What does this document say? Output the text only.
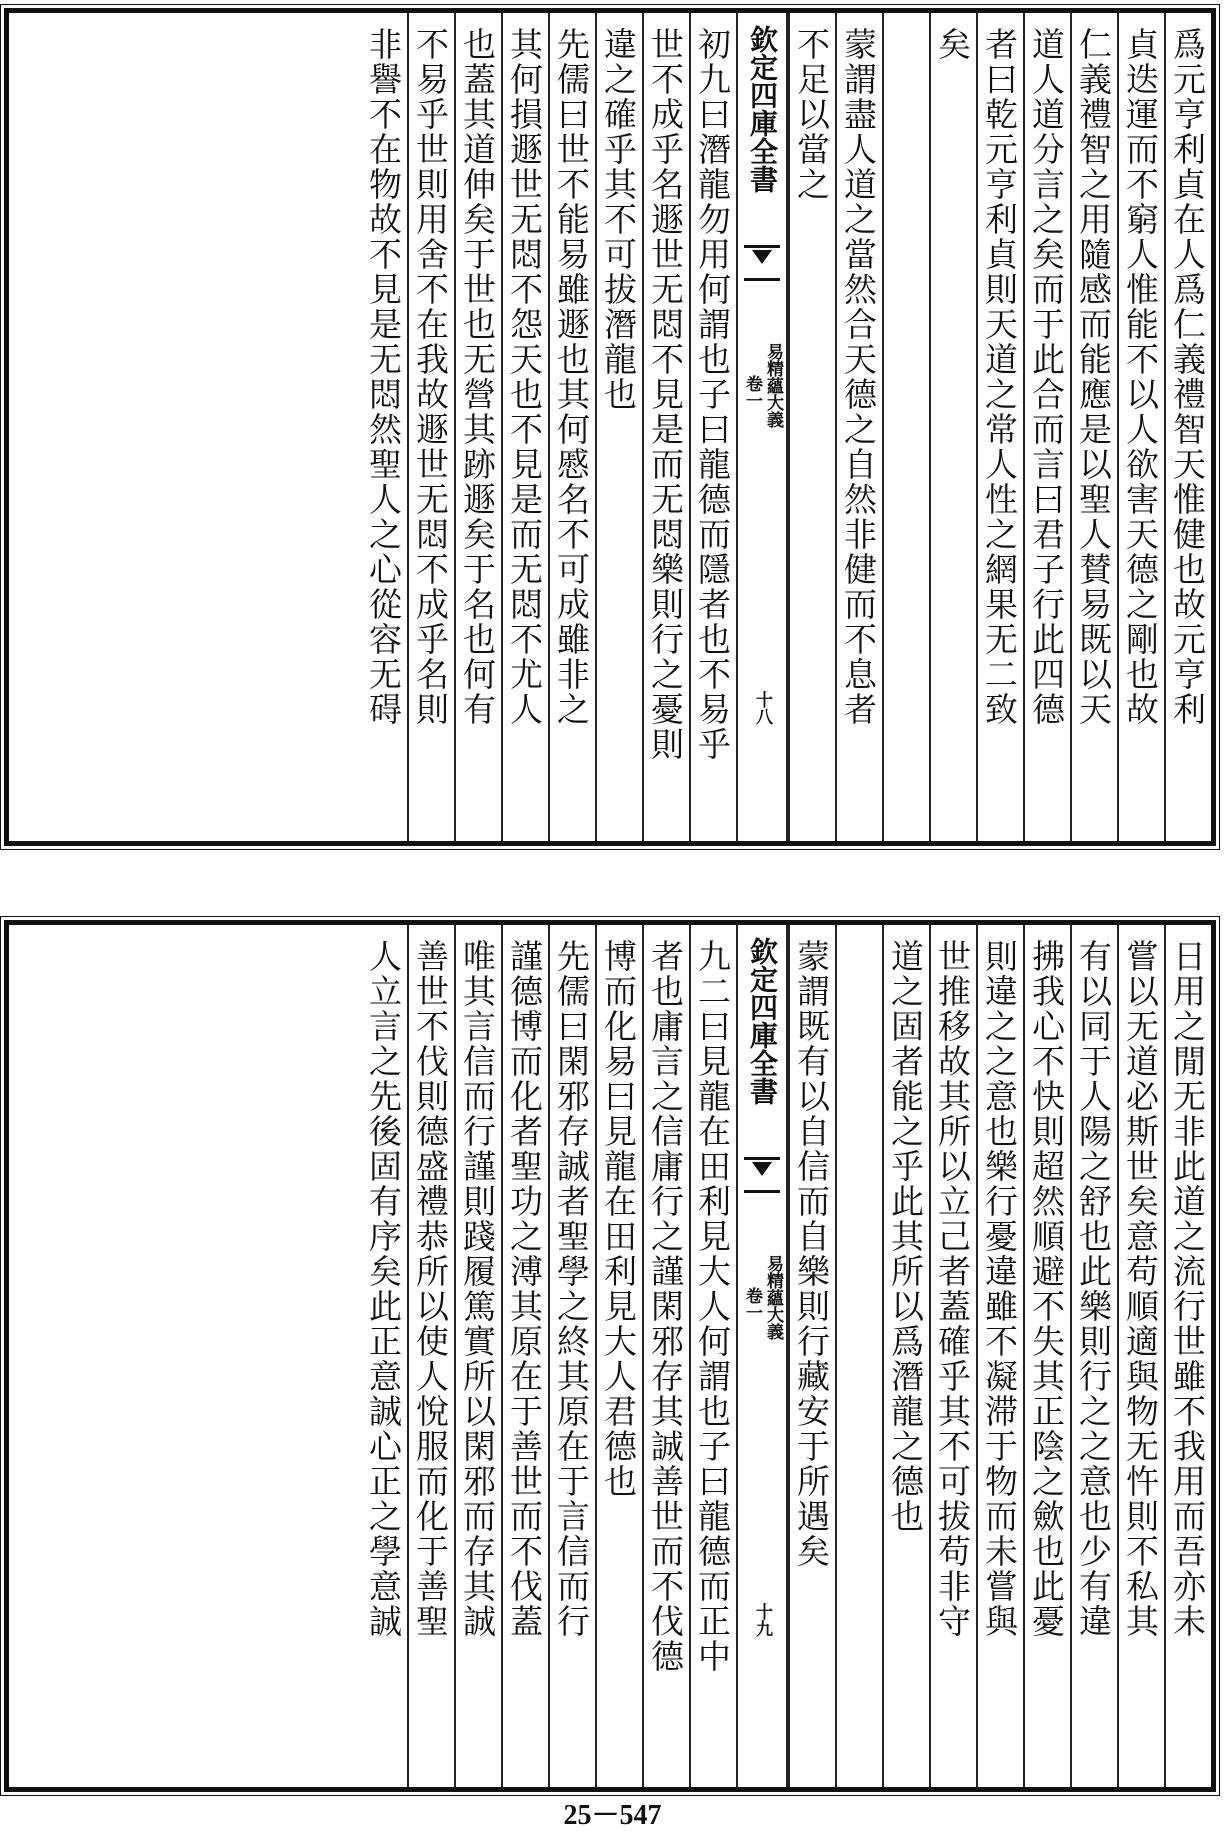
爲元亨利貞在人爲仁義禮智天惟健也故元亨利
貞迭運而不窮人惟能不以人欲害天德之剛也故
仁義禮智之用隨感而能應是以聖人賛易既以天
道人道分言之矣而于此合而言曰君子行此四德
者曰乾元亨利貞則天道之常人性之網果无二致
矣
蒙謂盡人道之當然合天德之自然非健而不息者
不足以當之
欽定四庫全書
易精蘊大義
卷一
十八
初九曰潛龍勿用何謂也子曰龍德而隱者也不易乎
世不成乎名遯世无悶不見是而无悶樂則行之憂則
違之確乎其不可拔潛龍也
先儒曰世不能易雖遯也其何慼名不可成雖非之
其何損遯世无悶不怨天也不見是而无悶不尤人
也蓋其道伸矣于世也无營其跡遯矣于名也何有
不易乎世則用舍不在我故遯世无悶不成乎名則
非譽不在物故不見是无悶然聖人之心從容无碍
日用之閒无非此道之流行世雖不我用而吾亦未
嘗以无道必斯世矣意苟順適與物无忤則不私其
有以同于人陽之舒也此樂則行之之意也少有違
拂我心不快則超然順避不失其正陰之歛也此憂
則違之之意也樂行憂違雖不凝滞于物而未嘗與
世推移故其所以立己者蓋確乎其不可拔苟非守
道之固者能之乎此其所以爲潛龍之德也
蒙謂既有以自信而自樂則行藏安于所遇矣
欽定四庫全書
易精蘊大義
卷一
十九
九二曰見龍在田利見大人何謂也子曰龍德而正中
者也庸言之信庸行之謹閑邪存其誠善世而不伐德
博而化易曰見龍在田利見大人君德也
先儒曰閑邪存誠者聖學之終其原在于言信而行
謹德博而化者聖功之溥其原在于善世而不伐蓋
唯其言信而行謹則踐履篤實所以閑邪而存其誠
善世不伐則德盛禮恭所以使人悅服而化于善聖
人立言之先後固有序矣此正意誠心正之學意誠
25－547
